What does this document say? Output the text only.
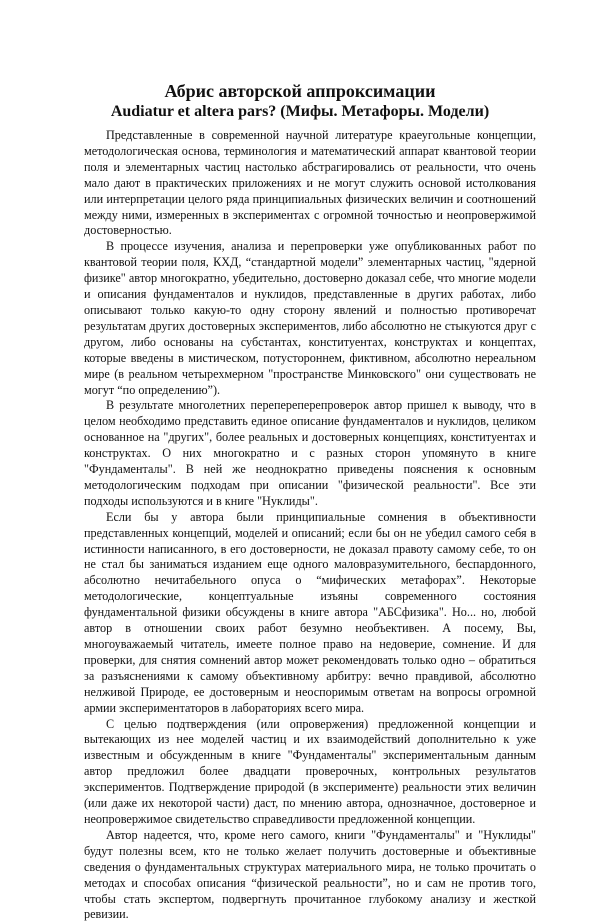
Абрис авторской аппроксимации
Audiatur et altera pars? (Мифы. Метафоры. Модели)

Представленные в современной научной литературе краеугольные концепции, методологическая основа, терминология и математический аппарат квантовой теории поля и элементарных частиц настолько абстрагировались от реальности, что очень мало дают в практических приложениях и не могут служить основой истолкования или интерпретации целого ряда принципиальных физических величин и соотношений между ними, измеренных в экспериментах с огромной точностью и неопровержимой достоверностью.

В процессе изучения, анализа и перепроверки уже опубликованных работ по квантовой теории поля, КХД, “стандартной модели” элементарных частиц, "ядерной физике" автор многократно, убедительно, достоверно доказал себе, что многие модели и описания фундаменталов и нуклидов, представленные в других работах, либо описывают только какую-то одну сторону явлений и полностью противоречат результатам других достоверных экспериментов, либо абсолютно не стыкуются друг с другом, либо основаны на субстантах, конституентах, конструктах и концептах, которые введены в мистическом, потустороннем, фиктивном, абсолютно нереальном мире (в реальном четырехмерном "пространстве Минковского" они существовать не могут “по определению”).

В результате многолетних перепереперепроверок автор пришел к выводу, что в целом необходимо представить единое описание фундаменталов и нуклидов, целиком основанное на "других", более реальных и достоверных концепциях, конституентах и конструктах. О них многократно и с разных сторон упомянуто в книге "Фундаменталы". В ней же неоднократно приведены пояснения к основным методологическим подходам при описании "физической реальности". Все эти подходы используются и в книге "Нуклиды".

Если бы у автора были принципиальные сомнения в объективности представленных концепций, моделей и описаний; если бы он не убедил самого себя в истинности написанного, в его достоверности, не доказал правоту самому себе, то он не стал бы заниматься изданием еще одного маловразумительного, беспардонного, абсолютно нечитабельного опуса о “мифических метафорах”. Некоторые методологические, концептуальные изъяны современного состояния фундаментальной физики обсуждены в книге автора "АБСфизика". Но... но, любой автор в отношении своих работ безумно необъективен. А посему, Вы, многоуважаемый читатель, имеете полное право на недоверие, сомнение. И для проверки, для снятия сомнений автор может рекомендовать только одно – обратиться за разъяснениями к самому объективному арбитру: вечно правдивой, абсолютно нелживой Природе, ее достоверным и неоспоримым ответам на вопросы огромной армии экспериментаторов в лабораториях всего мира.

С целью подтверждения (или опровержения) предложенной концепции и вытекающих из нее моделей частиц и их взаимодействий дополнительно к уже известным и обсужденным в книге "Фундаменталы" экспериментальным данным автор предложил более двадцати проверочных, контрольных результатов экспериментов. Подтверждение природой (в эксперименте) реальности этих величин (или даже их некоторой части) даст, по мнению автора, однозначное, достоверное и неопровержимое свидетельство справедливости предложенной концепции.

Автор надеется, что, кроме него самого, книги "Фундаменталы" и "Нуклиды" будут полезны всем, кто не только желает получить достоверные и объективные сведения о фундаментальных структурах материального мира, не только прочитать о методах и способах описания “физической реальности”, но и сам не против того, чтобы стать экспертом, подвергнуть прочитанное глубокому анализу и жесткой ревизии.
